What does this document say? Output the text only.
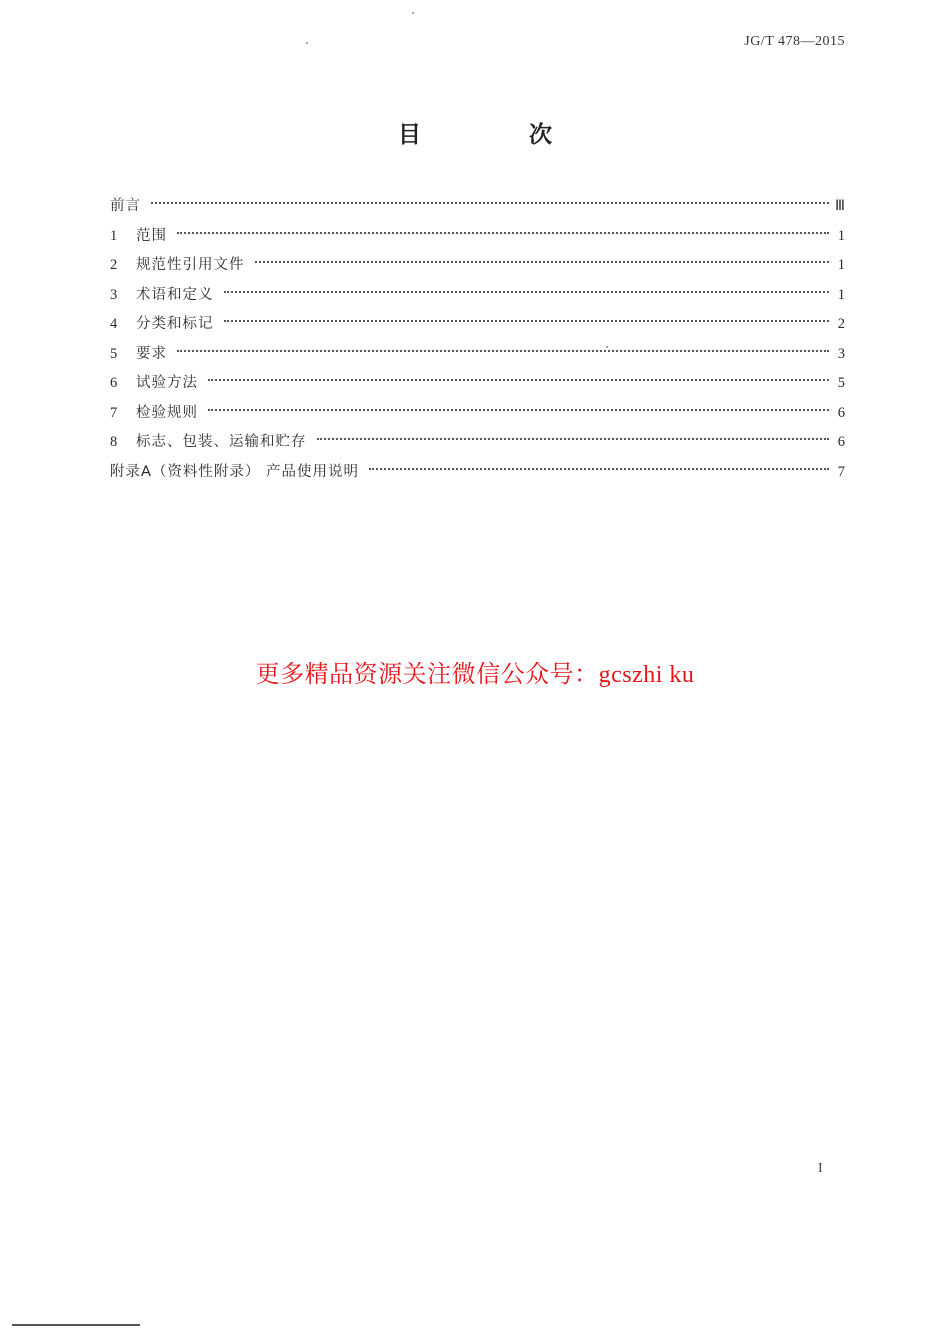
JG/T 478—2015
目 次
前言	Ⅲ
1	范围	1
2	规范性引用文件	1
3	术语和定义	1
4	分类和标记	2
5	要求	3
6	试验方法	5
7	检验规则	6
8	标志、包装、运输和贮存	6
附录A（资料性附录） 产品使用说明	7
更多精品资源关注微信公众号：gcszhi ku
I
